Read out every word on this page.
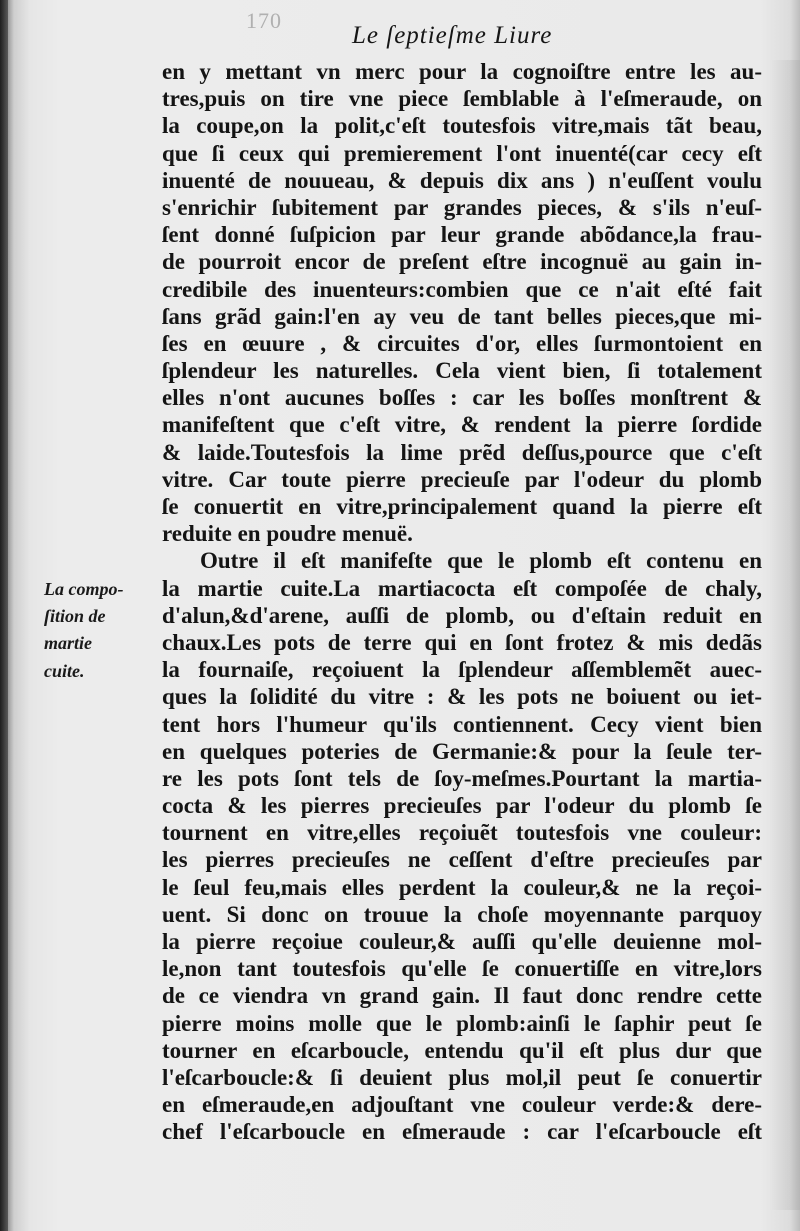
170
Le ſeptieſme Liure
La compo-
ſition de
martie
cuite.
en y mettant vn merc pour la cognoiſtre entre les au-
tres,puis on tire vne piece ſemblable à l'eſmeraude, on
la coupe,on la polit,c'eſt toutesfois vitre,mais tãt beau,
que ſi ceux qui premierement l'ont inuenté(car cecy eſt
inuenté de nouueau, & depuis dix ans ) n'euſſent voulu
s'enrichir ſubitement par grandes pieces, & s'ils n'euſ-
ſent donné ſuſpicion par leur grande abõdance,la frau-
de pourroit encor de preſent eſtre incognuë au gain in-
credibile des inuenteurs:combien que ce n'ait eſté fait
ſans grãd gain:l'en ay veu de tant belles pieces,que mi-
ſes en œuure , & circuites d'or, elles ſurmontoient en
ſplendeur les naturelles. Cela vient bien, ſi totalement
elles n'ont aucunes boſſes : car les boſſes monſtrent &
manifeſtent que c'eſt vitre, & rendent la pierre ſordide
& laide.Toutesfois la lime prẽd deſſus,pource que c'eſt
vitre. Car toute pierre precieuſe par l'odeur du plomb
ſe conuertit en vitre,principalement quand la pierre eſt
reduite en poudre menuë.
Outre il eſt manifeſte que le plomb eſt contenu en
la martie cuite.La martiacocta eſt compoſée de chaly,
d'alun,&d'arene, auſſi de plomb, ou d'eſtain reduit en
chaux.Les pots de terre qui en ſont frotez & mis dedãs
la fournaiſe, reçoiuent la ſplendeur aſſemblemẽt auec-
ques la ſolidité du vitre : & les pots ne boiuent ou iet-
tent hors l'humeur qu'ils contiennent. Cecy vient bien
en quelques poteries de Germanie:& pour la ſeule ter-
re les pots ſont tels de ſoy-meſmes.Pourtant la martia-
cocta & les pierres precieuſes par l'odeur du plomb ſe
tournent en vitre,elles reçoiuẽt toutesfois vne couleur:
les pierres precieuſes ne ceſſent d'eſtre precieuſes par
le ſeul feu,mais elles perdent la couleur,& ne la reçoi-
uent. Si donc on trouue la choſe moyennante parquoy
la pierre reçoiue couleur,& auſſi qu'elle deuienne mol-
le,non tant toutesfois qu'elle ſe conuertiſſe en vitre,lors
de ce viendra vn grand gain. Il faut donc rendre cette
pierre moins molle que le plomb:ainſi le ſaphir peut ſe
tourner en eſcarboucle, entendu qu'il eſt plus dur que
l'eſcarboucle:& ſi deuient plus mol,il peut ſe conuertir
en eſmeraude,en adjouſtant vne couleur verde:& dere-
chef l'eſcarboucle en eſmeraude : car l'eſcarboucle eſt
